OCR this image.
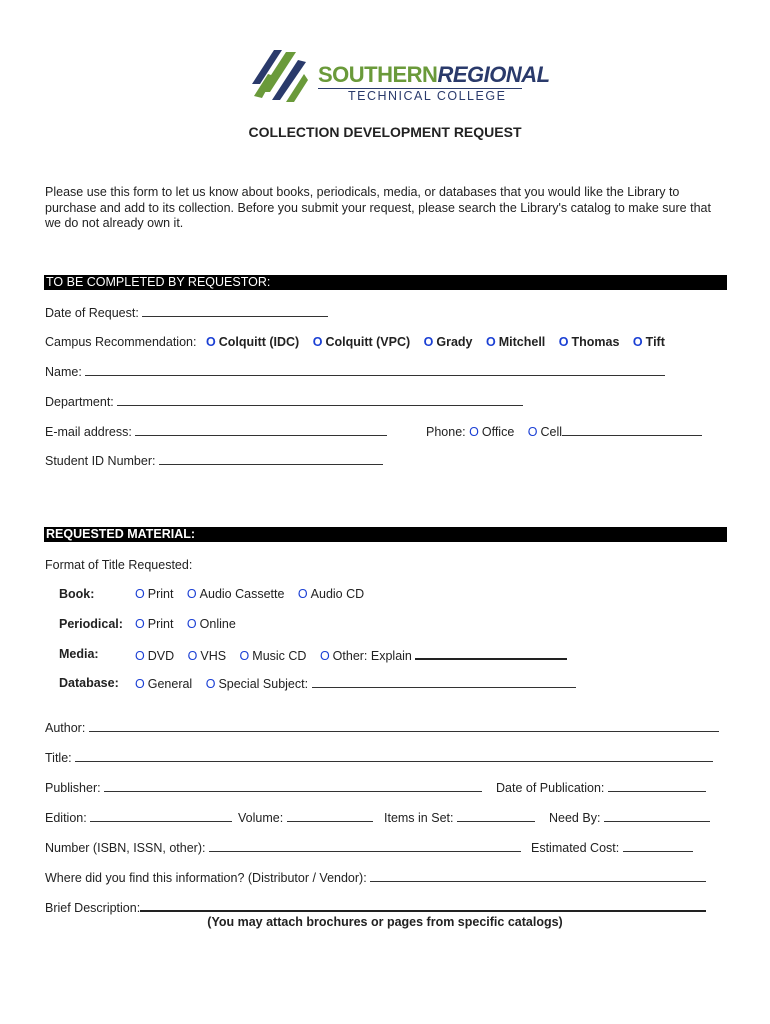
SOUTHERNREGIONAL
TECHNICAL COLLEGE
COLLECTION DEVELOPMENT REQUEST
Please use this form to let us know about books, periodicals, media, or databases that you would like the Library to
purchase and add to its collection. Before you submit your request, please search the Library's catalog to make sure that
we do not already own it.
TO BE COMPLETED BY REQUESTOR:
Date of Request:
Campus Recommendation: O Colquitt (IDC) O Colquitt (VPC) O Grady O Mitchell O Thomas O Tift
Name:
Department:
E-mail address:	Phone: O Office O Cell
Student ID Number:
REQUESTED MATERIAL:
Format of Title Requested:
Book:	O Print O Audio Cassette O Audio CD
Periodical: O Print O Online
Media:	O DVD O VHS O Music CD O Other: Explain
Database: O General O Special Subject:
Author:
Title:
Publisher:	Date of Publication:
Edition:	Volume:	Items in Set:	Need By:
Number (ISBN, ISSN, other):	Estimated Cost:
Where did you find this information? (Distributor / Vendor):
Brief Description:
(You may attach brochures or pages from specific catalogs)
